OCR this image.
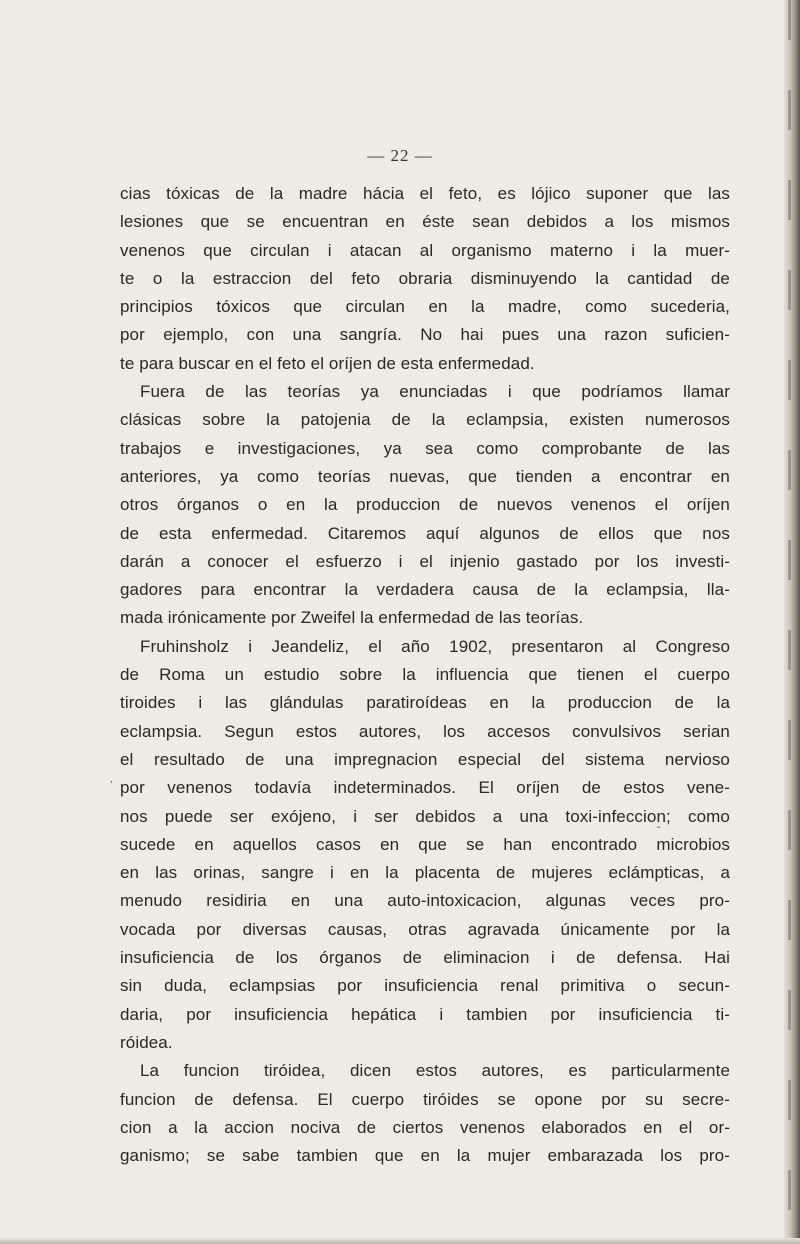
— 22 —
cias tóxicas de la madre hácia el feto, es lójico suponer que las
lesiones que se encuentran en éste sean debidos a los mismos
venenos que circulan i atacan al organismo materno i la muer-
te o la estraccion del feto obraria disminuyendo la cantidad de
principios tóxicos que circulan en la madre, como sucederia,
por ejemplo, con una sangría. No hai pues una razon suficien-
te para buscar en el feto el oríjen de esta enfermedad.
Fuera de las teorías ya enunciadas i que podríamos llamar
clásicas sobre la patojenia de la eclampsia, existen numerosos
trabajos e investigaciones, ya sea como comprobante de las
anteriores, ya como teorías nuevas, que tienden a encontrar en
otros órganos o en la produccion de nuevos venenos el oríjen
de esta enfermedad. Citaremos aquí algunos de ellos que nos
darán a conocer el esfuerzo i el injenio gastado por los investi-
gadores para encontrar la verdadera causa de la eclampsia, lla-
mada irónicamente por Zweifel la enfermedad de las teorías.
Fruhinsholz i Jeandeliz, el año 1902, presentaron al Congreso
de Roma un estudio sobre la influencia que tienen el cuerpo
tiroides i las glándulas paratiroídeas en la produccion de la
eclampsia. Segun estos autores, los accesos convulsivos serian
el resultado de una impregnacion especial del sistema nervioso
por venenos todavía indeterminados. El oríjen de estos vene-
nos puede ser exójeno, i ser debidos a una toxi-infeccion; como
sucede en aquellos casos en que se han encontrado microbios
en las orinas, sangre i en la placenta de mujeres eclámpticas, a
menudo residiria en una auto-intoxicacion, algunas veces pro-
vocada por diversas causas, otras agravada únicamente por la
insuficiencia de los órganos de eliminacion i de defensa. Hai
sin duda, eclampsias por insuficiencia renal primitiva o secun-
daria, por insuficiencia hepática i tambien por insuficiencia ti-
róidea.
La funcion tiróidea, dicen estos autores, es particularmente
funcion de defensa. El cuerpo tiróides se opone por su secre-
cion a la accion nociva de ciertos venenos elaborados en el or-
ganismo; se sabe tambien que en la mujer embarazada los pro-
,
ˇ
